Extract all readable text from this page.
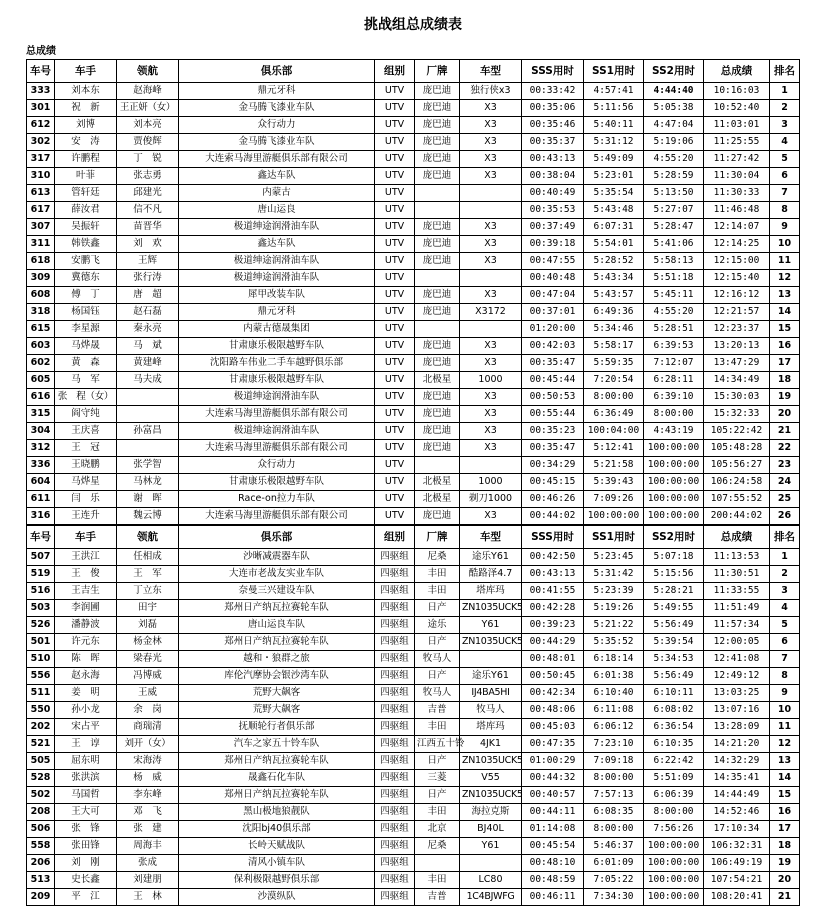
挑战组总成绩表
总成绩
车号	车手	领航	俱乐部	组别	厂牌	车型	SSS用时	SS1用时	SS2用时	总成绩	排名
333	刘本东	赵海峰	鼎元牙科	UTV	庞巴迪	独行侠x3	00:33:42	4:57:41	4:44:40	10:16:03	1
301	祝　新	王正妍（女）	金马腾飞漆业车队	UTV	庞巴迪	X3	00:35:06	5:11:56	5:05:38	10:52:40	2
612	刘博	刘本亮	众行动力	UTV	庞巴迪	X3	00:35:46	5:40:11	4:47:04	11:03:01	3
302	安　涛	贾俊辉	金马腾飞漆业车队	UTV	庞巴迪	X3	00:35:37	5:31:12	5:19:06	11:25:55	4
317	许鹏程	丁　锐	大连索马海里游艇俱乐部有限公司	UTV	庞巴迪	X3	00:43:13	5:49:09	4:55:20	11:27:42	5
310	叶菲	张志勇	鑫达车队	UTV	庞巴迪	X3	00:38:04	5:23:01	5:28:59	11:30:04	6
613	管轩廷	邱建光	内蒙古	UTV			00:40:49	5:35:54	5:13:50	11:30:33	7
617	薛汝君	信不凡	唐山运良	UTV			00:35:53	5:43:48	5:27:07	11:46:48	8
307	吴振轩	苗晋华	极道绅途润滑油车队	UTV	庞巴迪	X3	00:37:49	6:07:31	5:28:47	12:14:07	9
311	韩铁鑫	刘　欢	鑫达车队	UTV	庞巴迪	X3	00:39:18	5:54:01	5:41:06	12:14:25	10
618	安鹏飞	王辉	极道绅途润滑油车队	UTV	庞巴迪	X3	00:47:55	5:28:52	5:58:13	12:15:00	11
309	冀德东	张行涛	极道绅途润滑油车队	UTV			00:40:48	5:43:34	5:51:18	12:15:40	12
608	傅　丁	唐　超	犀甲改装车队	UTV	庞巴迪	X3	00:47:04	5:43:57	5:45:11	12:16:12	13
318	杨国钰	赵石磊	鼎元牙科	UTV	庞巴迪	X3172	00:37:01	6:49:36	4:55:20	12:21:57	14
615	李星源	秦永亮	内蒙古德晟集团	UTV			01:20:00	5:34:46	5:28:51	12:23:37	15
603	马烨晟	马　斌	甘肃康乐极限越野车队	UTV	庞巴迪	X3	00:42:03	5:58:17	6:39:53	13:20:13	16
602	黄　森	黄建峰	沈阳路车伟业二手车越野俱乐部	UTV	庞巴迪	X3	00:35:47	5:59:35	7:12:07	13:47:29	17
605	马　军	马夫成	甘肃康乐极限越野车队	UTV	北极星	1000	00:45:44	7:20:54	6:28:11	14:34:49	18
616	张　程（女）		极道绅途润滑油车队	UTV	庞巴迪	X3	00:50:53	8:00:00	6:39:10	15:30:03	19
315	阎守纯		大连索马海里游艇俱乐部有限公司	UTV	庞巴迪	X3	00:55:44	6:36:49	8:00:00	15:32:33	20
304	王庆喜	孙富昌	极道绅途润滑油车队	UTV	庞巴迪	X3	00:35:23	100:04:00	4:43:19	105:22:42	21
312	王　冠		大连索马海里游艇俱乐部有限公司	UTV	庞巴迪	X3	00:35:47	5:12:41	100:00:00	105:48:28	22
336	王晓鹏	张学智	众行动力	UTV			00:34:29	5:21:58	100:00:00	105:56:27	23
604	马烨星	马林龙	甘肃康乐极限越野车队	UTV	北极星	1000	00:45:15	5:39:43	100:00:00	106:24:58	24
611	闫　乐	谢　晖	Race-on拉力车队	UTV	北极星	剃刀1000	00:46:26	7:09:26	100:00:00	107:55:52	25
316	王连升	魏云博	大连索马海里游艇俱乐部有限公司	UTV	庞巴迪	X3	00:44:02	100:00:00	100:00:00	200:44:02	26
车号	车手	领航	俱乐部	组别	厂牌	车型	SSS用时	SS1用时	SS2用时	总成绩	排名
507	王洪江	任相成	沙晰减震器车队	四驱组	尼桑	途乐Y61	00:42:50	5:23:45	5:07:18	11:13:53	1
519	王　俊	王　军	大连市老战友实业车队	四驱组	丰田	酷路泽4.7	00:43:13	5:31:42	5:15:56	11:30:51	2
516	王吉生	丁立东	奈曼三兴建设车队	四驱组	丰田	塔库玛	00:41:55	5:23:39	5:28:21	11:33:55	3
503	李润圃	田宇	郑州日产纳瓦拉赛轮车队	四驱组	日产	ZN1035UCK5	00:42:28	5:19:26	5:49:55	11:51:49	4
526	潘静波	刘磊	唐山运良车队	四驱组	途乐	Y61	00:39:23	5:21:22	5:56:49	11:57:34	5
501	许元东	杨金林	郑州日产纳瓦拉赛轮车队	四驱组	日产	ZN1035UCK5	00:44:29	5:35:52	5:39:54	12:00:05	6
510	陈　晖	梁春光	越和・狼群之旅	四驱组	牧马人		00:48:01	6:18:14	5:34:53	12:41:08	7
556	赵永海	冯博威	库伦汽摩协会银沙湾车队	四驱组	日产	途乐Y61	00:50:45	6:01:38	5:56:49	12:49:12	8
511	姜　明	王威	荒野大飙客	四驱组	牧马人	IJ4BA5HI	00:42:34	6:10:40	6:10:11	13:03:25	9
550	孙小龙	余　岗	荒野大飙客	四驱组	吉普	牧马人	00:48:06	6:11:08	6:08:02	13:07:16	10
202	宋占平	商瑞清	抚顺轮行者俱乐部	四驱组	丰田	塔库玛	00:45:03	6:06:12	6:36:54	13:28:09	11
521	王　谆	刘开（女）	汽车之家五十铃车队	四驱组	江西五十铃	4JK1	00:47:35	7:23:10	6:10:35	14:21:20	12
505	屈东明	宋海涛	郑州日产纳瓦拉赛轮车队	四驱组	日产	ZN1035UCK5	01:00:29	7:09:18	6:22:42	14:32:29	13
528	张洪滨	杨　威	晟鑫石化车队	四驱组	三菱	V55	00:44:32	8:00:00	5:51:09	14:35:41	14
502	马国哲	李东峰	郑州日产纳瓦拉赛轮车队	四驱组	日产	ZN1035UCK5	00:40:57	7:57:13	6:06:39	14:44:49	15
208	王大可	邓　飞	黑山极地狼靓队	四驱组	丰田	海拉克斯	00:44:11	6:08:35	8:00:00	14:52:46	16
506	张　锋	张　建	沈阳bj40俱乐部	四驱组	北京	BJ40L	01:14:08	8:00:00	7:56:26	17:10:34	17
558	张田锋	周海丰	长岭天赋战队	四驱组	尼桑	Y61	00:45:54	5:46:37	100:00:00	106:32:31	18
206	刘　刚	张成	清风小镇车队	四驱组			00:48:10	6:01:09	100:00:00	106:49:19	19
513	史长鑫	刘建朋	保利极限越野俱乐部	四驱组	丰田	LC80	00:48:59	7:05:22	100:00:00	107:54:21	20
209	平　江	王　林	沙漠纵队	四驱组	吉普	1C4BJWFG	00:46:11	7:34:30	100:00:00	108:20:41	21
